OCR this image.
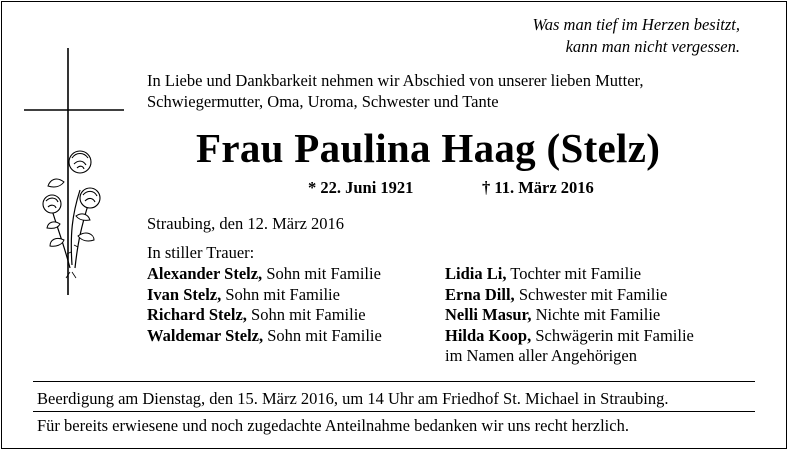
Was man tief im Herzen besitzt,
kann man nicht vergessen.
In Liebe und Dankbarkeit nehmen wir Abschied von unserer lieben Mutter,
Schwiegermutter, Oma, Uroma, Schwester und Tante
Frau Paulina Haag (Stelz)
* 22. Juni 1921	† 11. März 2016
Straubing, den 12. März 2016
In stiller Trauer:
Alexander Stelz, Sohn mit Familie
Ivan Stelz, Sohn mit Familie
Richard Stelz, Sohn mit Familie
Waldemar Stelz, Sohn mit Familie
Lidia Li, Tochter mit Familie
Erna Dill, Schwester mit Familie
Nelli Masur, Nichte mit Familie
Hilda Koop, Schwägerin mit Familie
im Namen aller Angehörigen
Beerdigung am Dienstag, den 15. März 2016, um 14 Uhr am Friedhof St. Michael in Straubing.
Für bereits erwiesene und noch zugedachte Anteilnahme bedanken wir uns recht herzlich.
